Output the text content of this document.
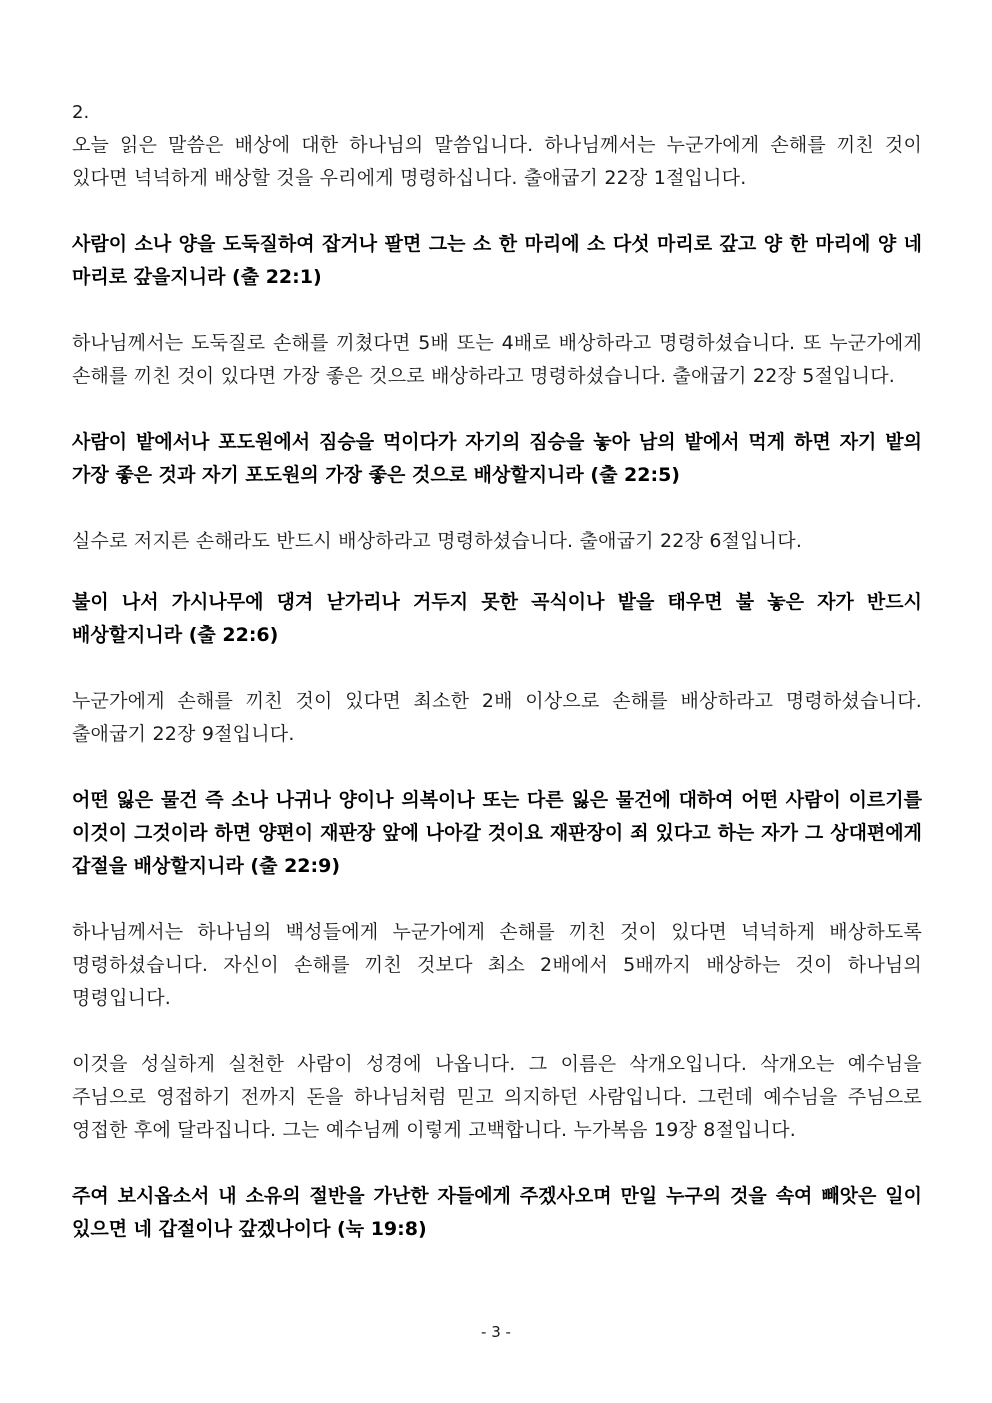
2.

오늘 읽은 말씀은 배상에 대한 하나님의 말씀입니다. 하나님께서는 누군가에게 손해를 끼친 것이 있다면 넉넉하게 배상할 것을 우리에게 명령하십니다. 출애굽기 22장 1절입니다.

사람이 소나 양을 도둑질하여 잡거나 팔면 그는 소 한 마리에 소 다섯 마리로 갚고 양 한 마리에 양 네 마리로 갚을지니라 (출 22:1)

하나님께서는 도둑질로 손해를 끼쳤다면 5배 또는 4배로 배상하라고 명령하셨습니다. 또 누군가에게 손해를 끼친 것이 있다면 가장 좋은 것으로 배상하라고 명령하셨습니다. 출애굽기 22장 5절입니다.

사람이 밭에서나 포도원에서 짐승을 먹이다가 자기의 짐승을 놓아 남의 밭에서 먹게 하면 자기 밭의 가장 좋은 것과 자기 포도원의 가장 좋은 것으로 배상할지니라 (출 22:5)

실수로 저지른 손해라도 반드시 배상하라고 명령하셨습니다. 출애굽기 22장 6절입니다.

불이 나서 가시나무에 댕겨 낟가리나 거두지 못한 곡식이나 밭을 태우면 불 놓은 자가 반드시 배상할지니라 (출 22:6)

누군가에게 손해를 끼친 것이 있다면 최소한 2배 이상으로 손해를 배상하라고 명령하셨습니다. 출애굽기 22장 9절입니다.

어떤 잃은 물건 즉 소나 나귀나 양이나 의복이나 또는 다른 잃은 물건에 대하여 어떤 사람이 이르기를 이것이 그것이라 하면 양편이 재판장 앞에 나아갈 것이요 재판장이 죄 있다고 하는 자가 그 상대편에게 갑절을 배상할지니라 (출 22:9)

하나님께서는 하나님의 백성들에게 누군가에게 손해를 끼친 것이 있다면 넉넉하게 배상하도록 명령하셨습니다. 자신이 손해를 끼친 것보다 최소 2배에서 5배까지 배상하는 것이 하나님의 명령입니다.

이것을 성실하게 실천한 사람이 성경에 나옵니다. 그 이름은 삭개오입니다. 삭개오는 예수님을 주님으로 영접하기 전까지 돈을 하나님처럼 믿고 의지하던 사람입니다. 그런데 예수님을 주님으로 영접한 후에 달라집니다. 그는 예수님께 이렇게 고백합니다. 누가복음 19장 8절입니다.

주여 보시옵소서 내 소유의 절반을 가난한 자들에게 주겠사오며 만일 누구의 것을 속여 빼앗은 일이 있으면 네 갑절이나 갚겠나이다 (눅 19:8)

- 3 -
